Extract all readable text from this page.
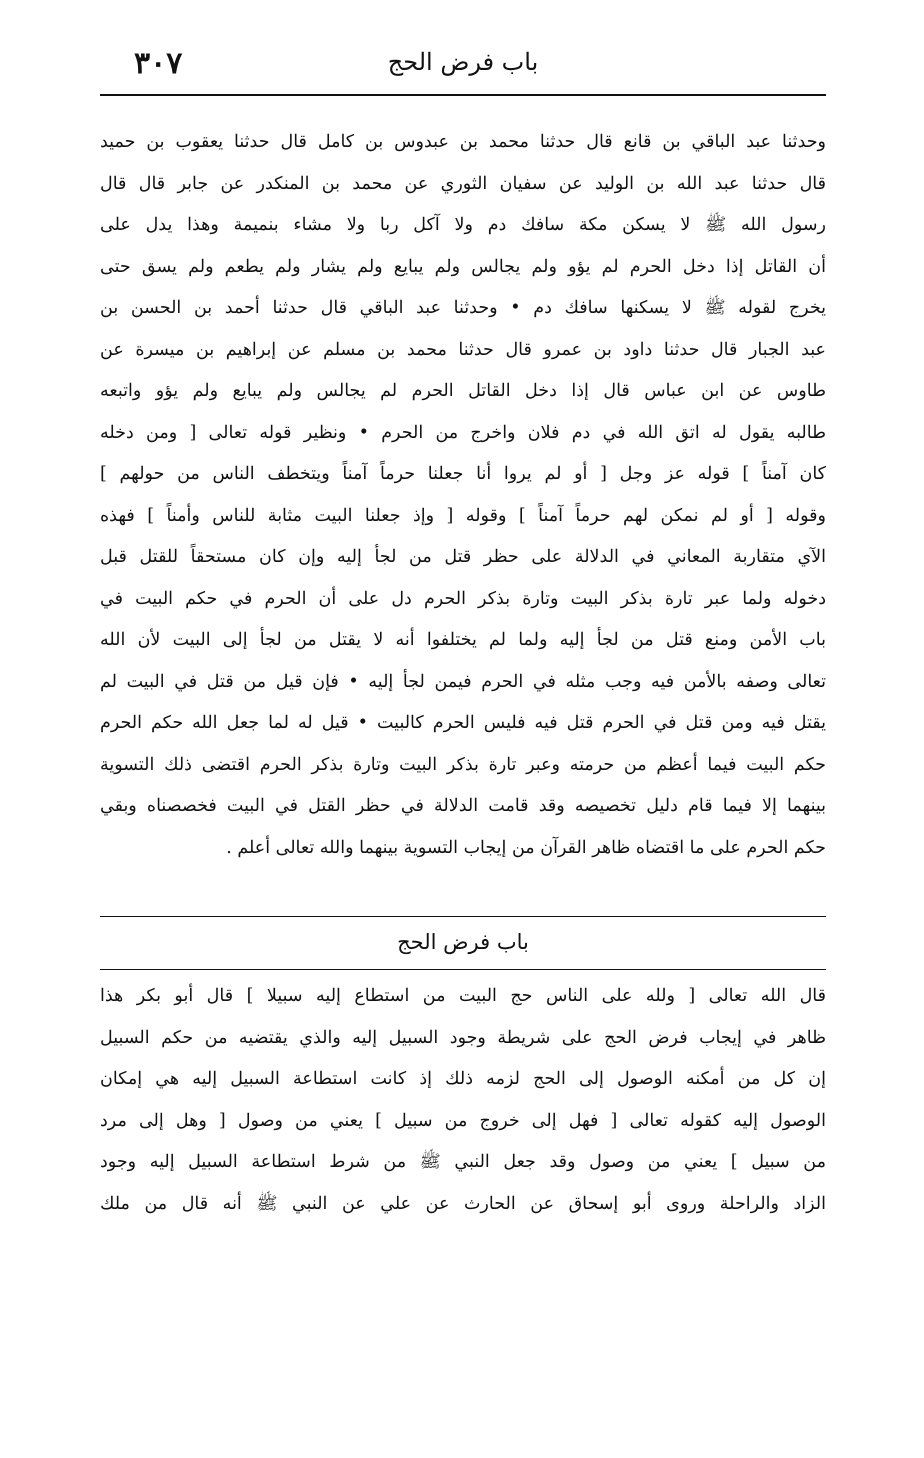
٣٠٧	باب فرض الحج
وحدثنا عبد الباقي بن قانع قال حدثنا محمد بن عبدوس بن كامل قال حدثنا يعقوب بن حميد
قال حدثنا عبد الله بن الوليد عن سفيان الثوري عن محمد بن المنكدر عن جابر قال قال
رسول الله ﷺ لا يسكن مكة سافك دم ولا آكل ربا ولا مشاء بنميمة وهذا يدل على
أن القاتل إذا دخل الحرم لم يؤو ولم يجالس ولم يبايع ولم يشار ولم يطعم ولم يسق حتى
يخرج لقوله ﷺ لا يسكنها سافك دم • وحدثنا عبد الباقي قال حدثنا أحمد بن الحسن بن
عبد الجبار قال حدثنا داود بن عمرو قال حدثنا محمد بن مسلم عن إبراهيم بن ميسرة عن
طاوس عن ابن عباس قال إذا دخل القاتل الحرم لم يجالس ولم يبايع ولم يؤو واتبعه
طالبه يقول له اتق الله في دم فلان واخرج من الحرم • ونظير قوله تعالى [ ومن دخله
كان آمناً ] قوله عز وجل [ أو لم يروا أنا جعلنا حرماً آمناً ويتخطف الناس من حولهم ]
وقوله [ أو لم نمكن لهم حرماً آمناً ] وقوله [ وإذ جعلنا البيت مثابة للناس وأمناً ] فهذه
الآي متقاربة المعاني في الدلالة على حظر قتل من لجأ إليه وإن كان مستحقاً للقتل قبل
دخوله ولما عبر تارة بذكر البيت وتارة بذكر الحرم دل على أن الحرم في حكم البيت في
باب الأمن ومنع قتل من لجأ إليه ولما لم يختلفوا أنه لا يقتل من لجأ إلى البيت لأن الله
تعالى وصفه بالأمن فيه وجب مثله في الحرم فيمن لجأ إليه • فإن قيل من قتل في البيت لم
يقتل فيه ومن قتل في الحرم قتل فيه فليس الحرم كالبيت • قيل له لما جعل الله حكم الحرم
حكم البيت فيما أعظم من حرمته وعبر تارة بذكر البيت وتارة بذكر الحرم اقتضى ذلك التسوية
بينهما إلا فيما قام دليل تخصيصه وقد قامت الدلالة في حظر القتل في البيت فخصصناه وبقي
حكم الحرم على ما اقتضاه ظاهر القرآن من إيجاب التسوية بينهما والله تعالى أعلم .
باب فرض الحج
قال الله تعالى [ ولله على الناس حج البيت من استطاع إليه سبيلا ] قال أبو بكر هذا
ظاهر في إيجاب فرض الحج على شريطة وجود السبيل إليه والذي يقتضيه من حكم السبيل
إن كل من أمكنه الوصول إلى الحج لزمه ذلك إذ كانت استطاعة السبيل إليه هي إمكان
الوصول إليه كقوله تعالى [ فهل إلى خروج من سبيل ] يعني من وصول [ وهل إلى مرد
من سبيل ] يعني من وصول وقد جعل النبي ﷺ من شرط استطاعة السبيل إليه وجود
الزاد والراحلة وروى أبو إسحاق عن الحارث عن علي عن النبي ﷺ أنه قال من ملك
